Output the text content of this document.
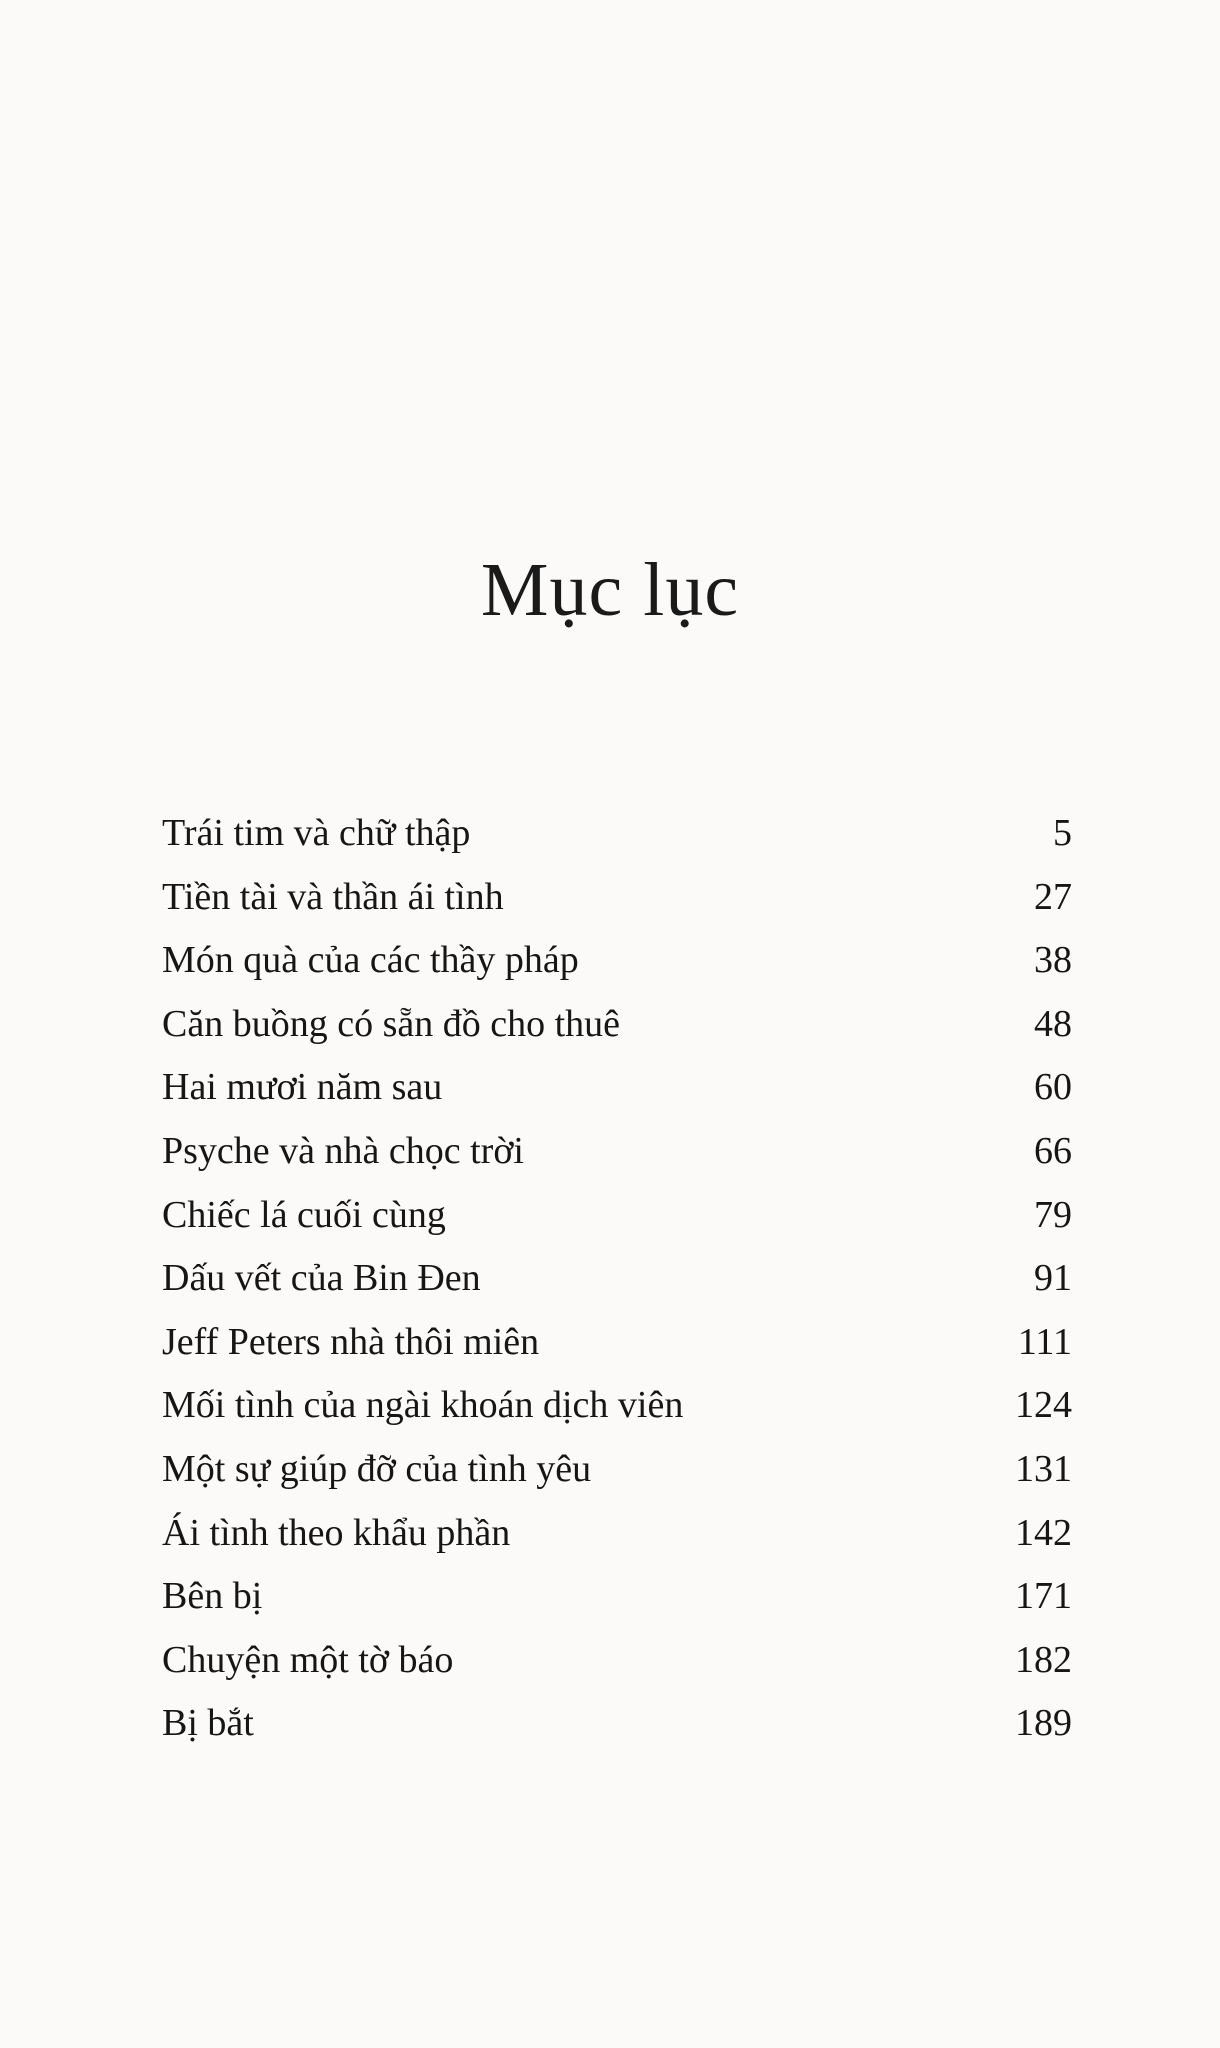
Mục lục
Trái tim và chữ thập	5
Tiền tài và thần ái tình	27
Món quà của các thầy pháp	38
Căn buồng có sẵn đồ cho thuê	48
Hai mươi năm sau	60
Psyche và nhà chọc trời	66
Chiếc lá cuối cùng	79
Dấu vết của Bin Đen	91
Jeff Peters nhà thôi miên	111
Mối tình của ngài khoán dịch viên	124
Một sự giúp đỡ của tình yêu	131
Ái tình theo khẩu phần	142
Bên bị	171
Chuyện một tờ báo	182
Bị bắt	189
